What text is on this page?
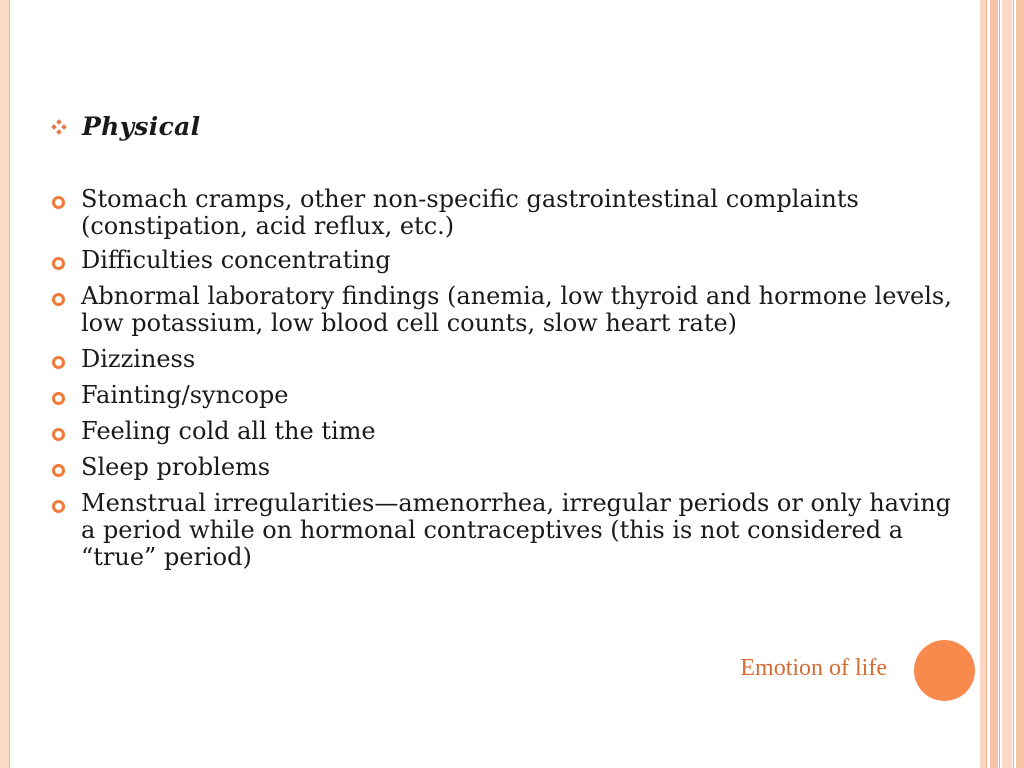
Physical
Stomach cramps, other non-specific gastrointestinal complaints (constipation, acid reflux, etc.)
Difficulties concentrating
Abnormal laboratory findings (anemia, low thyroid and hormone levels, low potassium, low blood cell counts, slow heart rate)
Dizziness
Fainting/syncope
Feeling cold all the time
Sleep problems
Menstrual irregularities—amenorrhea, irregular periods or only having a period while on hormonal contraceptives (this is not considered a “true” period)
Emotion of life
